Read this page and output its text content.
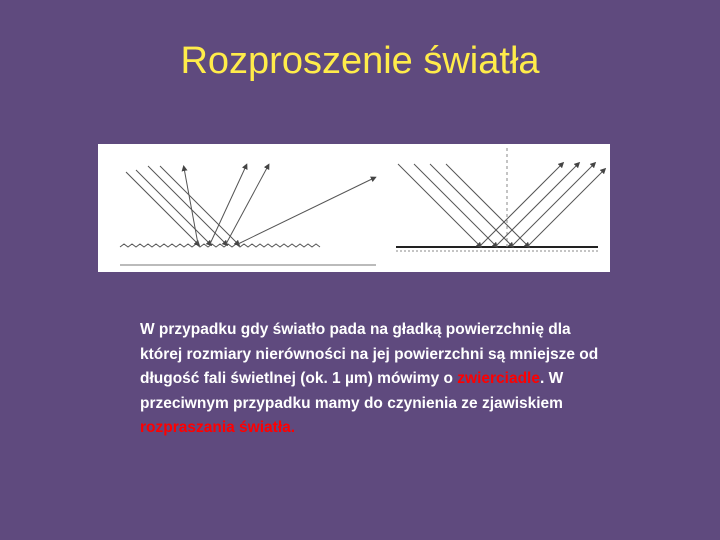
Rozproszenie światła

W przypadku gdy światło pada na gładką powierzchnię dla której rozmiary nierówności na jej powierzchni są mniejsze od długość fali świetlnej (ok. 1 µm) mówimy o zwierciadle. W przeciwnym przypadku mamy do czynienia ze zjawiskiem rozpraszania światła.
